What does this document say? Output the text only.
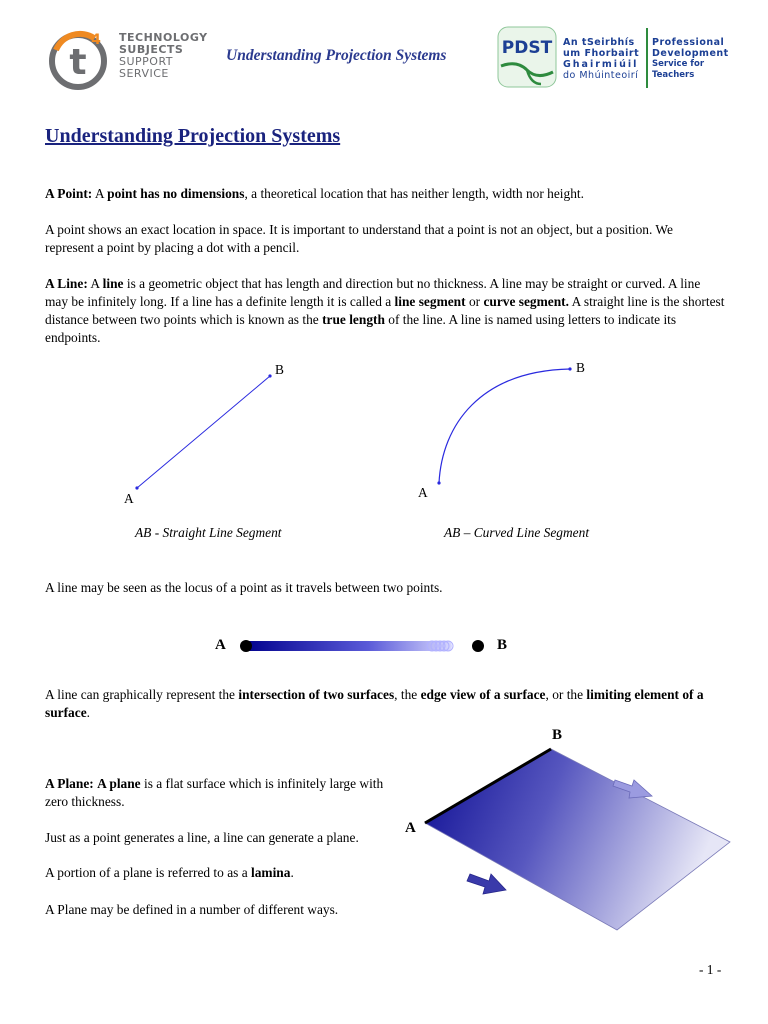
t
4 TECHNOLOGY
SUBJECTS
SUPPORT
SERVICE
Understanding Projection Systems	PDST An tSeirbhís
um Fhorbairt
Ghairmiúil
do Mhúinteoirí
Professional
Development
Service for Teachers
Understanding Projection Systems
A Point: A point has no dimensions, a theoretical location that has neither length, width nor height.
A point shows an exact location in space. It is important to understand that a point is not an object, but a position. We represent a point by placing a dot with a pencil.
A Line: A line is a geometric object that has length and direction but no thickness. A line may be straight or curved. A line may be infinitely long. If a line has a definite length it is called a line segment or curve segment. A straight line is the shortest distance between two points which is known as the true length of the line. A line is named using letters to indicate its endpoints.
A
B
AB - Straight Line Segment
A
B
AB – Curved Line Segment
A line may be seen as the locus of a point as it travels between two points.
A	B
A line can graphically represent the intersection of two surfaces, the edge view of a surface, or the limiting element of a surface.
A Plane: A plane is a flat surface which is infinitely large with zero thickness.
Just as a point generates a line, a line can generate a plane.
A portion of a plane is referred to as a lamina.
A Plane may be defined in a number of different ways.
A
B
- 1 -
